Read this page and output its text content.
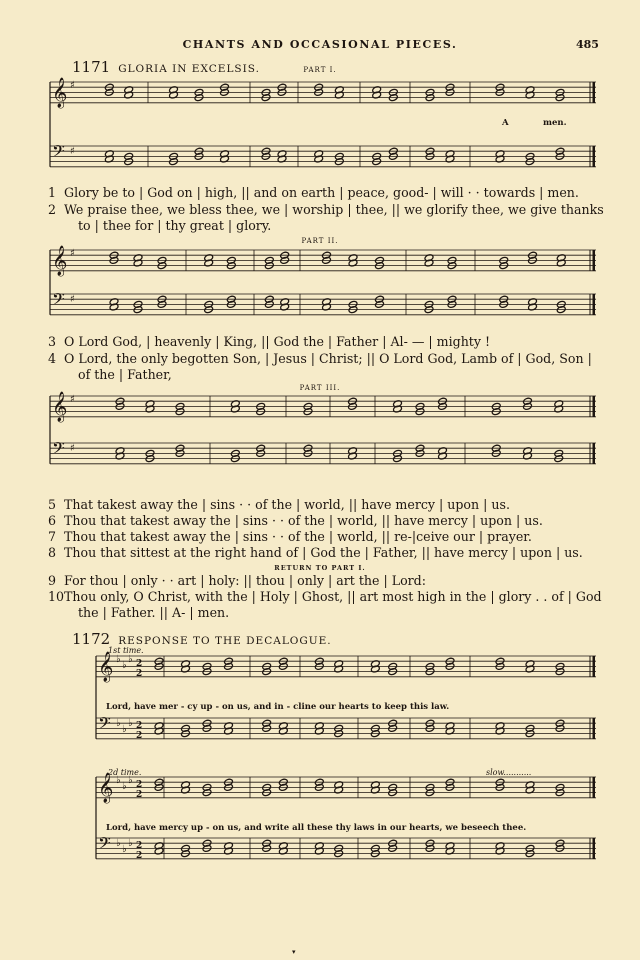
CHANTS AND OCCASIONAL PIECES.	485
1171 GLORIA IN EXCELSIS.	PART I.
𝄞 ♯
𝄢 ♯
𝄞 ♯
𝄢 ♯
𝄞 ♯
𝄢 ♯
𝄞 ♭
♭
♭ 2
2
𝄢 ♭
♭
♭ 2
2
𝄞 ♭
♭
♭ 2
2
𝄢 ♭
♭
♭ 2
2
A	men.
1 Glory be to | God on | high, || and on earth | peace, good- | will · · towards | men.
2 We praise thee, we bless thee, we | worship | thee, || we glorify thee, we give thanks
to | thee for | thy great | glory.
PART II.
3 O Lord God, | heavenly | King, || God the | Father | Al- — | mighty !
4 O Lord, the only begotten Son, | Jesus | Christ; || O Lord God, Lamb of | God, Son |
of the | Father,
PART III.
5 That takest away the | sins · · of the | world, || have mercy | upon | us.
6 Thou that takest away the | sins · · of the | world, || have mercy | upon | us.
7 Thou that takest away the | sins · · of the | world, || re-|ceive our | prayer.
8 Thou that sittest at the right hand of | God the | Father, || have mercy | upon | us.
RETURN TO PART I.
9 For thou | only · · art | holy: || thou | only | art the | Lord:
10 Thou only, O Christ, with the | Holy | Ghost, || art most high in the | glory . . of | God
the | Father. || A- | men.
1172 RESPONSE TO THE DECALOGUE.
1st time.
Lord, have mer - cy up - on us, and in - cline our hearts to keep this law.
2d time.	slow...........
Lord, have mercy up - on us, and write all these thy laws in our hearts, we beseech thee.
▾
